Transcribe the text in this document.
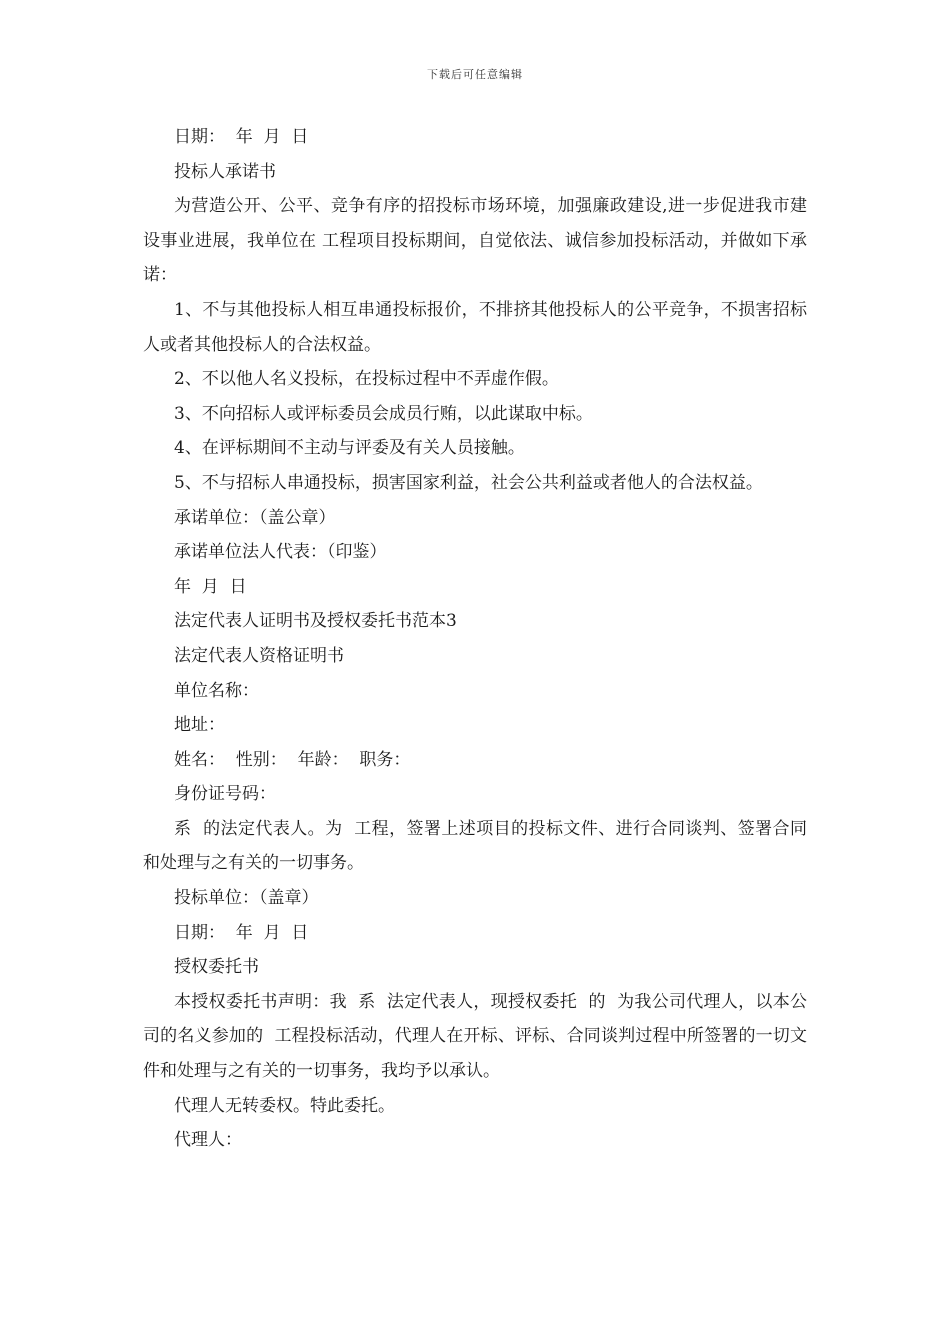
下载后可任意编辑

日期：  年  月  日

投标人承诺书

为营造公开、公平、竞争有序的招投标市场环境，加强廉政建设,进一步促进我市建设事业进展，我单位在 工程项目投标期间，自觉依法、诚信参加投标活动，并做如下承诺：

1、不与其他投标人相互串通投标报价，不排挤其他投标人的公平竞争，不损害招标人或者其他投标人的合法权益。

2、不以他人名义投标，在投标过程中不弄虚作假。

3、不向招标人或评标委员会成员行贿，以此谋取中标。

4、在评标期间不主动与评委及有关人员接触。

5、不与招标人串通投标，损害国家利益，社会公共利益或者他人的合法权益。

承诺单位：（盖公章）

承诺单位法人代表：（印鉴）

年  月  日

法定代表人证明书及授权委托书范本3

法定代表人资格证明书

单位名称：

地址：

姓名：  性别：  年龄：  职务：

身份证号码：

系  的法定代表人。为  工程，签署上述项目的投标文件、进行合同谈判、签署合同和处理与之有关的一切事务。

投标单位：（盖章）

日期：  年  月  日

授权委托书

本授权委托书声明：我  系  法定代表人，现授权委托  的  为我公司代理人，以本公司的名义参加的  工程投标活动，代理人在开标、评标、合同谈判过程中所签署的一切文件和处理与之有关的一切事务，我均予以承认。

代理人无转委权。特此委托。

代理人：
